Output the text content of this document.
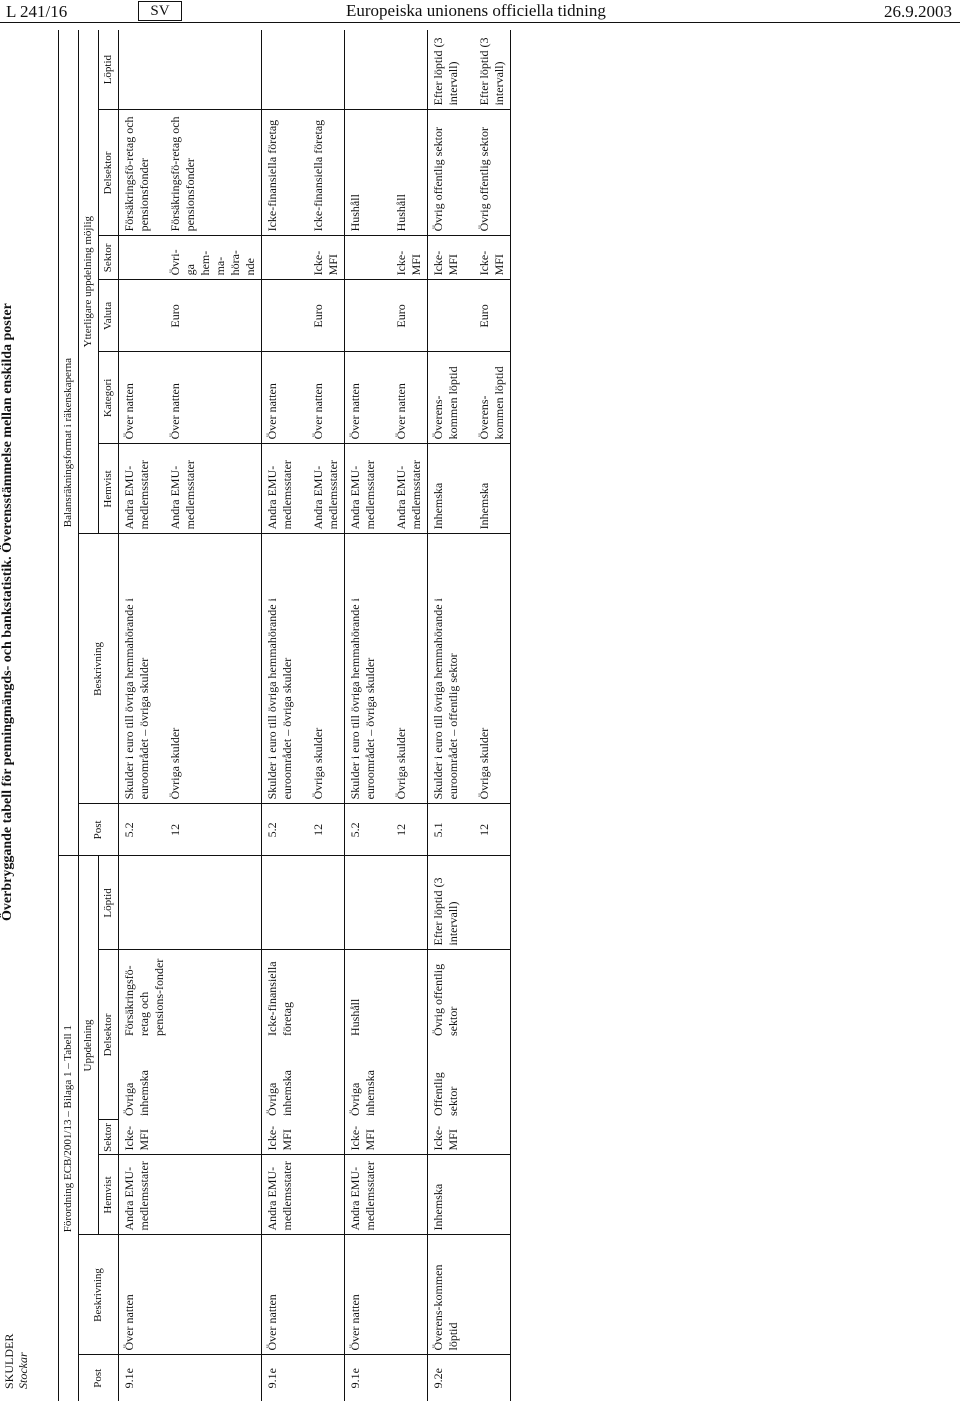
L 241/16	SV	Europeiska unionens officiella tidning	26.9.2003
SKULDER Stockar
Överbryggande tabell för penningmängds- och bankstatistik. Överensstämmelse mellan enskilda poster
Förordning ECB/2001/13 – Bilaga 1 – Tabell 1							Balansräkningsformat i räkenskaperna							
Post	Beskrivning	Uppdelning					Post	Beskrivning	Ytterligare uppdelning möjlig					
		Hemvist	Sektor	Delsektor		Löptid			Hemvist	Kategori	Valuta	Sektor	Delsektor	Löptid
9.1e	Över natten	Andra EMU-medlemsstater	Icke-MFI	Övriga inhemska	Försäkringsfö-retag och pensions-fonder		5.2	Skulder i euro till övriga hemmahörande i euroområdet – övriga skulder	Andra EMU-medlemsstater	Över natten			Försäkringsfö-retag och pensionsfonder	

							12	Övriga skulder	Andra EMU-medlemsstater	Över natten	Euro	Övri-ga hem-ma-höra-nde	Försäkringsfö-retag och pensionsfonder	
9.1e	Över natten	Andra EMU-medlemsstater	Icke-MFI	Övriga inhemska	Icke-finansiella företag		5.2	Skulder i euro till övriga hemmahörande i euroområdet – övriga skulder	Andra EMU-medlemsstater	Över natten			Icke-finansiella företag	

							12	Övriga skulder	Andra EMU-medlemsstater	Över natten	Euro	Icke-MFI	Icke-finansiella företag	
9.1e	Över natten	Andra EMU-medlemsstater	Icke-MFI	Övriga inhemska	Hushåll		5.2	Skulder i euro till övriga hemmahörande i euroområdet – övriga skulder	Andra EMU-medlemsstater	Över natten			Hushåll	

							12	Övriga skulder	Andra EMU-medlemsstater	Över natten	Euro	Icke-MFI	Hushåll	
9.2e	Överens-kommen löptid	Inhemska	Icke-MFI	Offentlig sektor	Övrig offentlig sektor	Efter löptid (3 intervall)	5.1	Skulder i euro till övriga hemmahörande i euroområdet – offentlig sektor	Inhemska	Överens-kommen löptid		Icke-MFI	Övrig offentlig sektor	Efter löptid (3 intervall)

							12	Övriga skulder	Inhemska	Överens-kommen löptid	Euro	Icke-MFI	Övrig offentlig sektor	Efter löptid (3 intervall)
